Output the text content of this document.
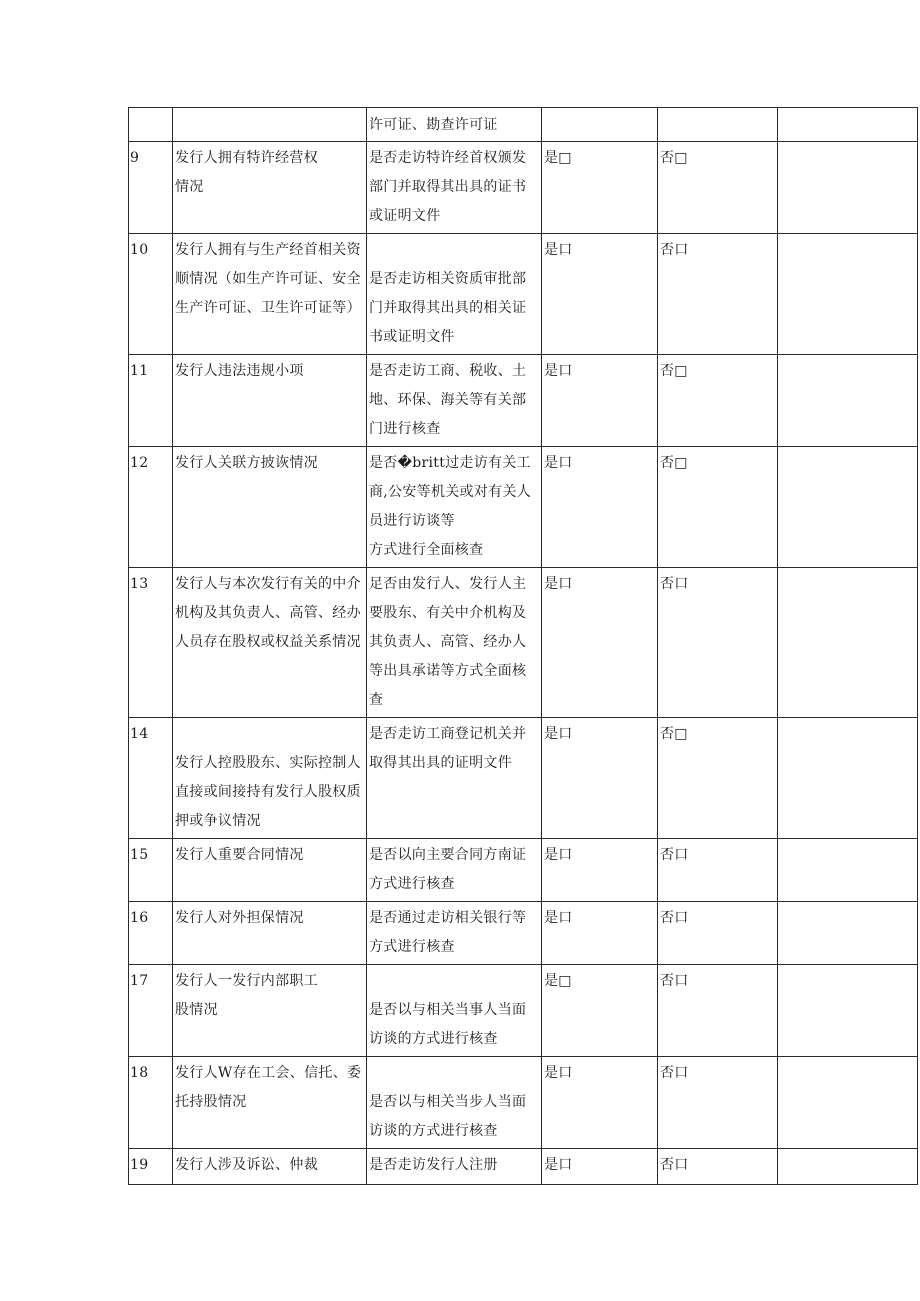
		许可证、勘查许可证			

9	发行人拥有特许经营权
情况	是否走访特许经首权颁发部门并取得其出具的证书或证明文件	是□	否□	

10	发行人拥有与生产经首相关资顺情况（如生产许可证、安全生产许可证、卫生许可证等）	是否走访相关资质审批部门并取得其出具的相关证书或证明文件	是口	否口	

11	发行人违法违规小项	是否走访工商、税收、土地、环保、海关等有关部门进行核查	是口	否□	

12	发行人关联方披诙情况	是否�britt过走访有关工商,公安等机关或对有关人员进行访谈等
方式进行全面核查	是口	否□	

13	发行人与本次发行有关的中介机构及其负责人、高管、经办人员存在股权或权益关系情况	足否由发行人、发行人主要股东、有关中介机构及其负责人、高管、经办人等出具承诺等方式全面核查	是口	否口	

14	发行人控股股东、实际控制人直接或间接持有发行人股权质押或争议情况	是否走访工商登记机关并取得其出具的证明文件	是口	否□	

15	发行人重要合同情况	是否以向主要合同方南证方式进行核查	是口	否口	

16	发行人对外担保情况	是否通过走访相关银行等方式进行核查	是口	否口	

17	发行人一发行内部职工
股情况	是否以与相关当事人当面访谈的方式进行核查	是□	否口	

18	发行人W存在工会、信托、委托持股情况	是否以与相关当步人当面访谈的方式进行核查	是口	否口	

19	发行人涉及诉讼、仲裁	是否走访发行人注册	是口	否口	
